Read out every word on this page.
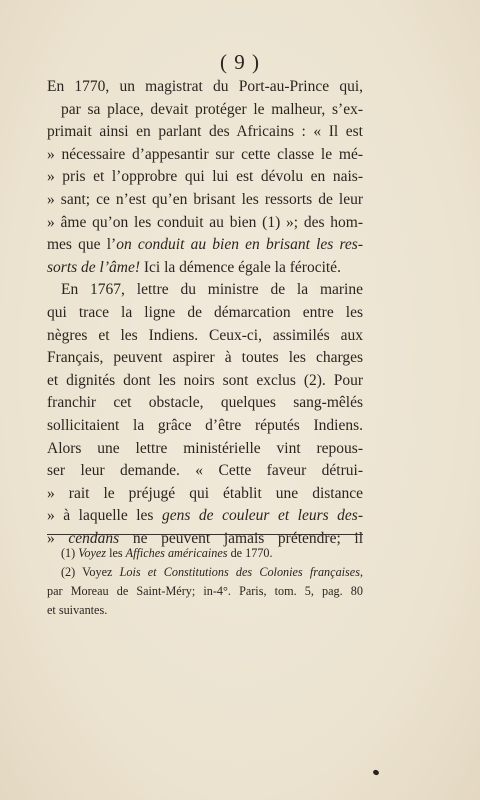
( 9 )
En 1770, un magistrat du Port-au-Prince qui,
par sa place, devait protéger le malheur, s’ex-
primait ainsi en parlant des Africains : « Il est
» nécessaire d’appesantir sur cette classe le mé-
» pris et l’opprobre qui lui est dévolu en nais-
» sant; ce n’est qu’en brisant les ressorts de leur
» âme qu’on les conduit au bien (1) »; des hom-
mes que l’on conduit au bien en brisant les res-
sorts de l’âme! Ici la démence égale la férocité.
En 1767, lettre du ministre de la marine
qui trace la ligne de démarcation entre les
nègres et les Indiens. Ceux-ci, assimilés aux
Français, peuvent aspirer à toutes les charges
et dignités dont les noirs sont exclus (2). Pour
franchir cet obstacle, quelques sang-mêlés
sollicitaient la grâce d’être réputés Indiens.
Alors une lettre ministérielle vint repous-
ser leur demande. « Cette faveur détrui-
» rait le préjugé qui établit une distance
» à laquelle les gens de couleur et leurs des-
» cendans ne peuvent jamais prétendre; il
(1) Voyez les Affiches américaines de 1770.
(2) Voyez Lois et Constitutions des Colonies françaises,
par Moreau de Saint-Méry; in-4°. Paris, tom. 5, pag. 80
et suivantes.
